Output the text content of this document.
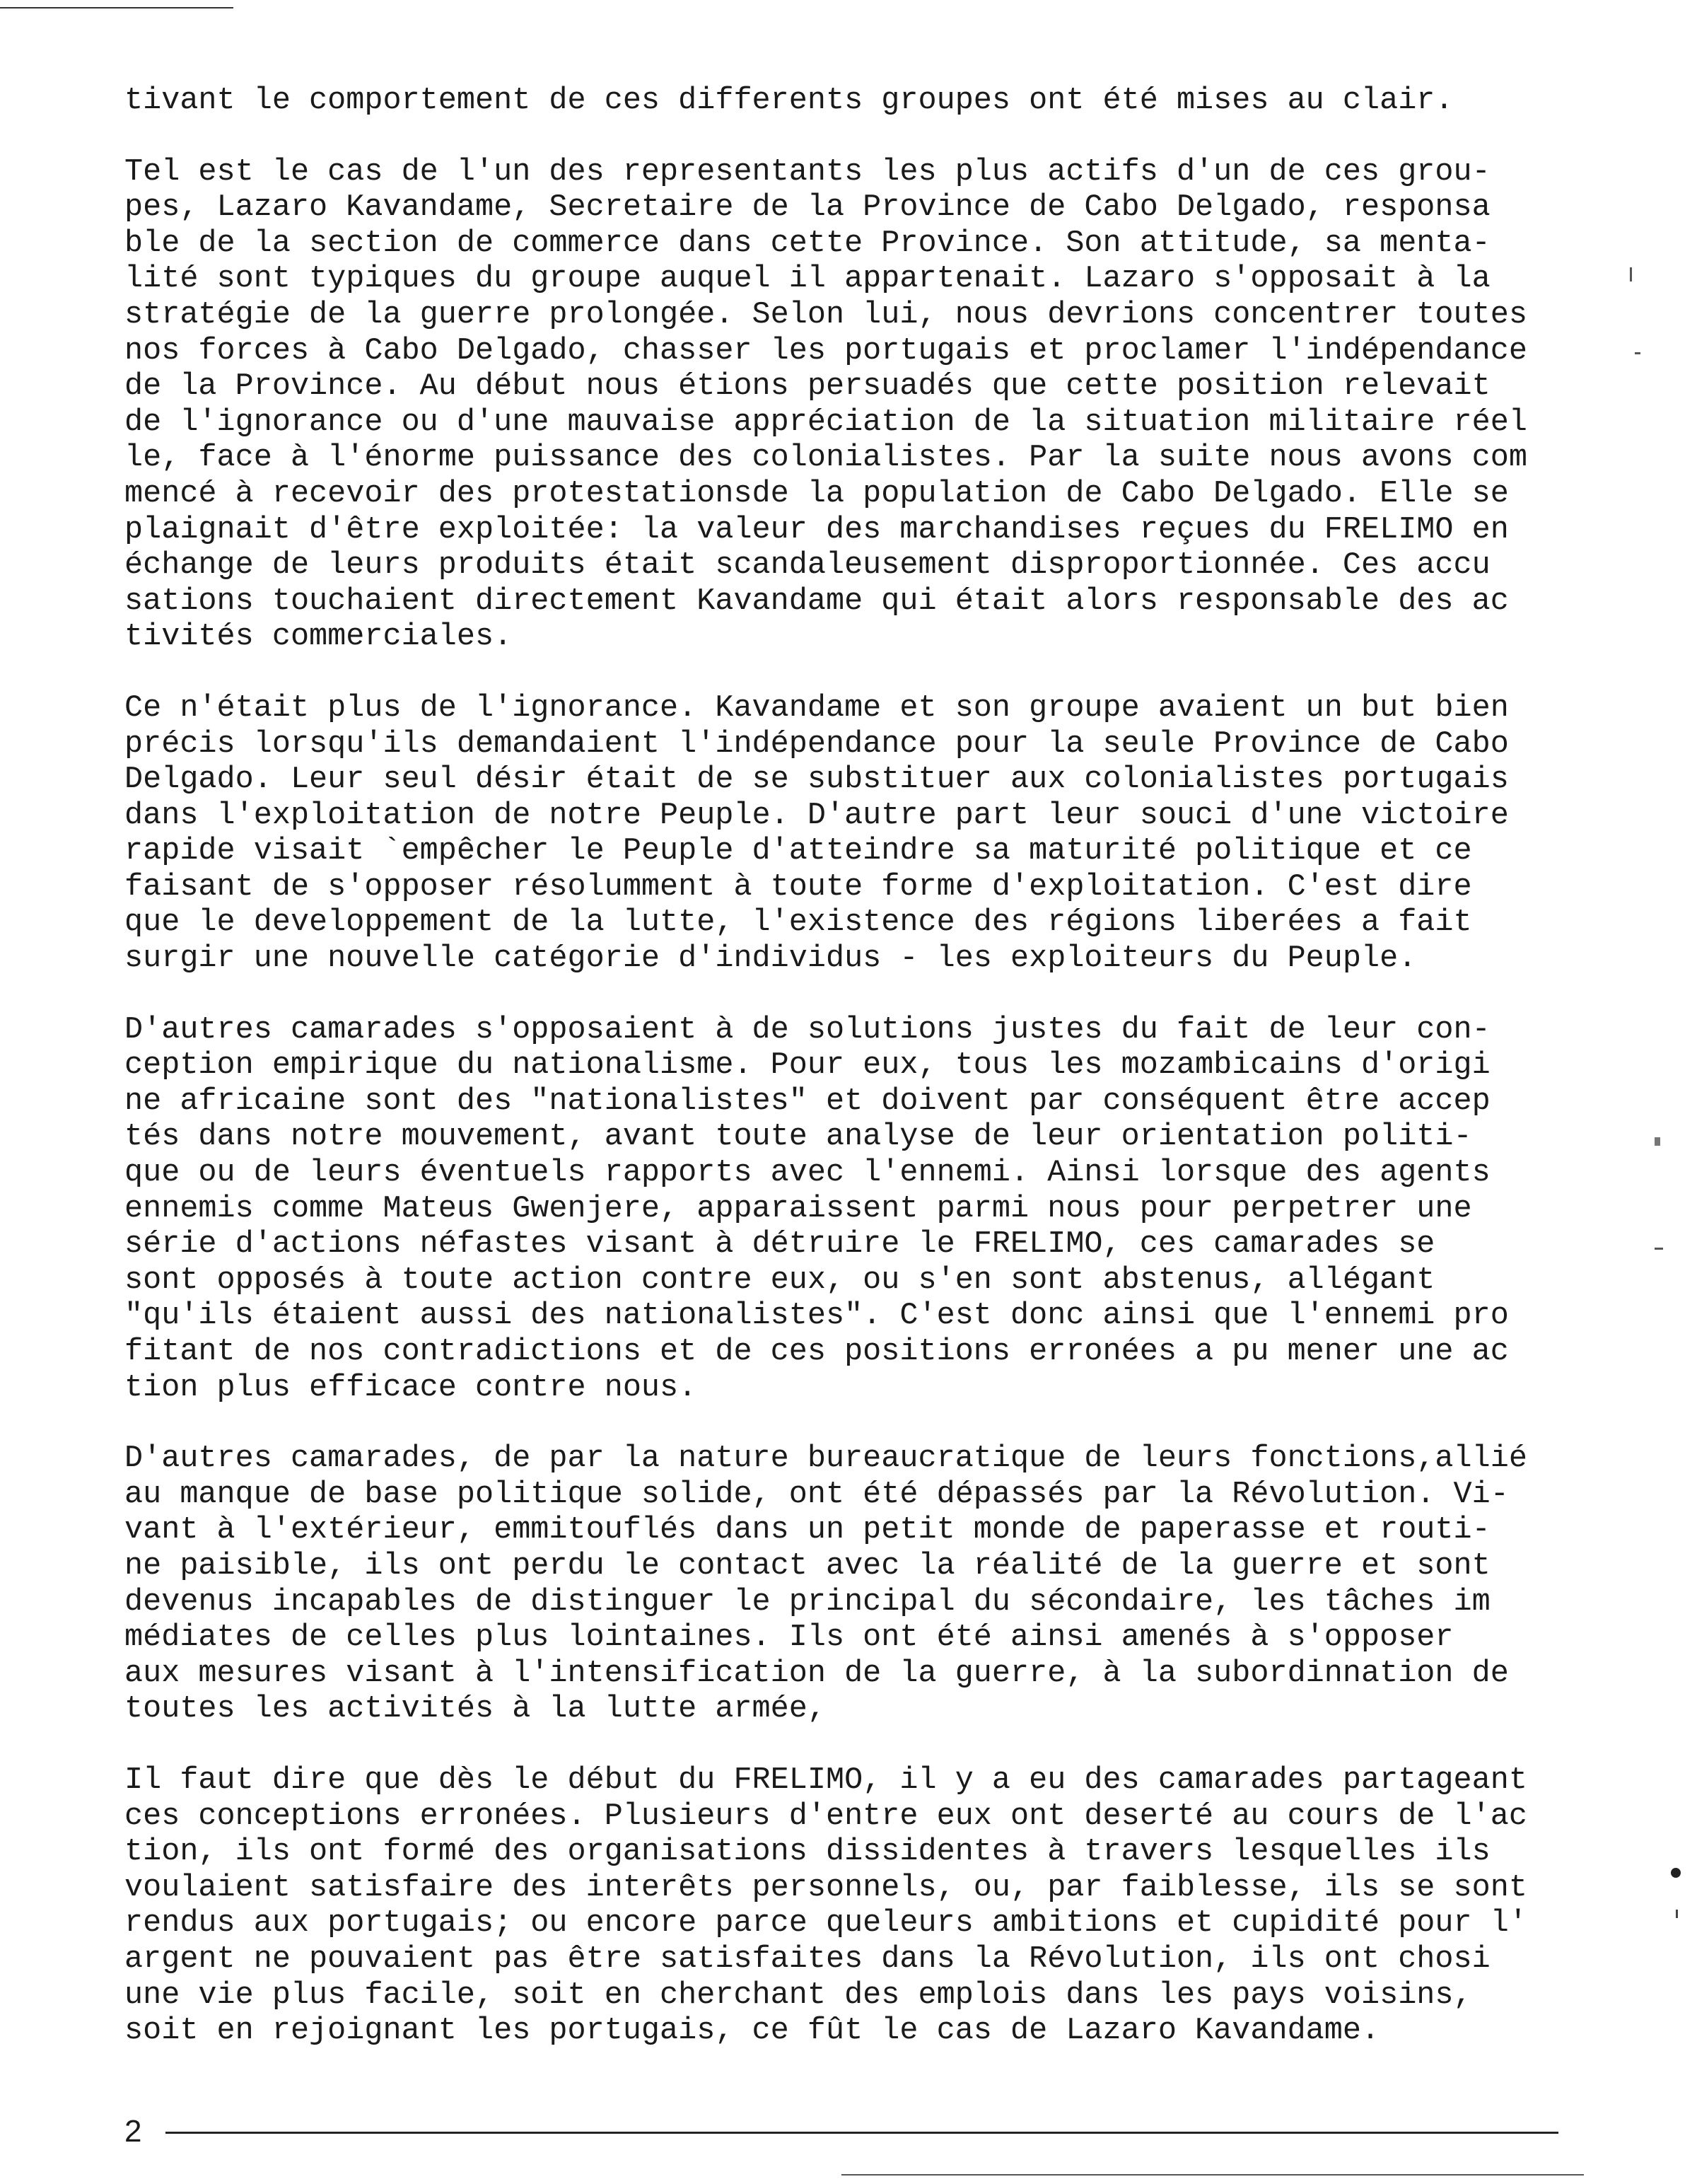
tivant le comportement de ces differents groupes ont été mises au clair.
Tel est le cas de l'un des representants les plus actifs d'un de ces grou-
pes, Lazaro Kavandame, Secretaire de la Province de Cabo Delgado, responsa
ble de la section de commerce dans cette Province. Son attitude, sa menta-
lité sont typiques du groupe auquel il appartenait. Lazaro s'opposait à la
stratégie de la guerre prolongée. Selon lui, nous devrions concentrer toutes
nos forces à Cabo Delgado, chasser les portugais et proclamer l'indépendance
de la Province. Au début nous étions persuadés que cette position relevait
de l'ignorance ou d'une mauvaise appréciation de la situation militaire réel
le, face à l'énorme puissance des colonialistes. Par la suite nous avons com
mencé à recevoir des protestationsde la population de Cabo Delgado. Elle se
plaignait d'être exploitée: la valeur des marchandises reçues du FRELIMO en
échange de leurs produits était scandaleusement disproportionnée. Ces accu
sations touchaient directement Kavandame qui était alors responsable des ac
tivités commerciales.
Ce n'était plus de l'ignorance. Kavandame et son groupe avaient un but bien
précis lorsqu'ils demandaient l'indépendance pour la seule Province de Cabo
Delgado. Leur seul désir était de se substituer aux colonialistes portugais
dans l'exploitation de notre Peuple. D'autre part leur souci d'une victoire
rapide visait `empêcher le Peuple d'atteindre sa maturité politique et ce
faisant de s'opposer résolumment à toute forme d'exploitation. C'est dire
que le developpement de la lutte, l'existence des régions liberées a fait
surgir une nouvelle catégorie d'individus - les exploiteurs du Peuple.
D'autres camarades s'opposaient à de solutions justes du fait de leur con-
ception empirique du nationalisme. Pour eux, tous les mozambicains d'origi
ne africaine sont des "nationalistes" et doivent par conséquent être accep
tés dans notre mouvement, avant toute analyse de leur orientation politi-
que ou de leurs éventuels rapports avec l'ennemi. Ainsi lorsque des agents
ennemis comme Mateus Gwenjere, apparaissent parmi nous pour perpetrer une
série d'actions néfastes visant à détruire le FRELIMO, ces camarades se
sont opposés à toute action contre eux, ou s'en sont abstenus, allégant
"qu'ils étaient aussi des nationalistes". C'est donc ainsi que l'ennemi pro
fitant de nos contradictions et de ces positions erronées a pu mener une ac
tion plus efficace contre nous.
D'autres camarades, de par la nature bureaucratique de leurs fonctions,allié
au manque de base politique solide, ont été dépassés par la Révolution. Vi-
vant à l'extérieur, emmitouflés dans un petit monde de paperasse et routi-
ne paisible, ils ont perdu le contact avec la réalité de la guerre et sont
devenus incapables de distinguer le principal du sécondaire, les tâches im
médiates de celles plus lointaines. Ils ont été ainsi amenés à s'opposer
aux mesures visant à l'intensification de la guerre, à la subordinnation de
toutes les activités à la lutte armée,
Il faut dire que dès le début du FRELIMO, il y a eu des camarades partageant
ces conceptions erronées. Plusieurs d'entre eux ont deserté au cours de l'ac
tion, ils ont formé des organisations dissidentes à travers lesquelles ils
voulaient satisfaire des interêts personnels, ou, par faiblesse, ils se sont
rendus aux portugais; ou encore parce queleurs ambitions et cupidité pour l'
argent ne pouvaient pas être satisfaites dans la Révolution, ils ont chosi
une vie plus facile, soit en cherchant des emplois dans les pays voisins,
soit en rejoignant les portugais, ce fût le cas de Lazaro Kavandame.
2
